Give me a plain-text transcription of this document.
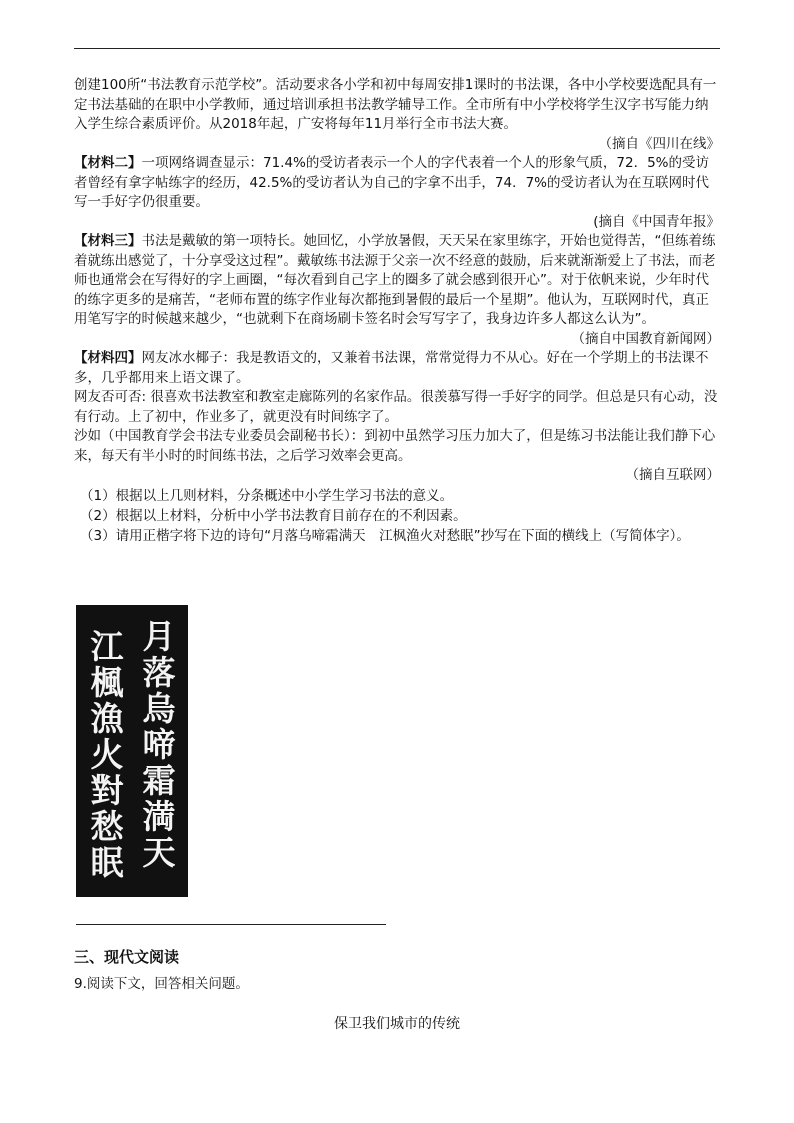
创建100所“书法教育示范学校”。活动要求各小学和初中每周安排1课时的书法课，各中小学校要选配具有一定书法基础的在职中小学教师，通过培训承担书法教学辅导工作。全市所有中小学校将学生汉字书写能力纳入学生综合素质评价。从2018年起，广安将每年11月举行全市书法大赛。

（摘自《四川在线》

【材料二】一项网络调查显示：71.4%的受访者表示一个人的字代表着一个人的形象气质，72．5%的受访者曾经有拿字帖练字的经历，42.5%的受访者认为自己的字拿不出手，74．7%的受访者认为在互联网时代写一手好字仍很重要。

(摘自《中国青年报》

【材料三】书法是戴敏的第一项特长。她回忆，小学放暑假，天天呆在家里练字，开始也觉得苦，“但练着练着就练出感觉了，十分享受这过程”。戴敏练书法源于父亲一次不经意的鼓励，后来就渐渐爱上了书法，而老师也通常会在写得好的字上画圈，“每次看到自己字上的圈多了就会感到很开心”。对于依帆来说，少年时代的练字更多的是痛苦，“老师布置的练字作业每次都拖到暑假的最后一个星期”。他认为，互联网时代，真正用笔写字的时候越来越少，“也就剩下在商场刷卡签名时会写写字了，我身边许多人都这么认为”。

（摘自中国教育新闻网）

【材料四】网友冰水椰子：我是教语文的，又兼着书法课，常常觉得力不从心。好在一个学期上的书法课不多，几乎都用来上语文课了。

网友否可否: 很喜欢书法教室和教室走廊陈列的名家作品。很羡慕写得一手好字的同学。但总是只有心动，没有行动。上了初中，作业多了，就更没有时间练字了。

沙如（中国教育学会书法专业委员会副秘书长）：到初中虽然学习压力加大了，但是练习书法能让我们静下心来，每天有半小时的时间练书法，之后学习效率会更高。

（摘自互联网）

（1）根据以上几则材料，分条概述中小学生学习书法的意义。

（2）根据以上材料，分析中小学书法教育目前存在的不利因素。

（3）请用正楷字将下边的诗句“月落乌啼霜满天　江枫渔火对愁眠”抄写在下面的横线上（写简体字）。

月
落
烏
啼
霜
満
天
江
楓
漁
火
對
愁
眠

三、现代文阅读

9.阅读下文，回答相关问题。

保卫我们城市的传统
